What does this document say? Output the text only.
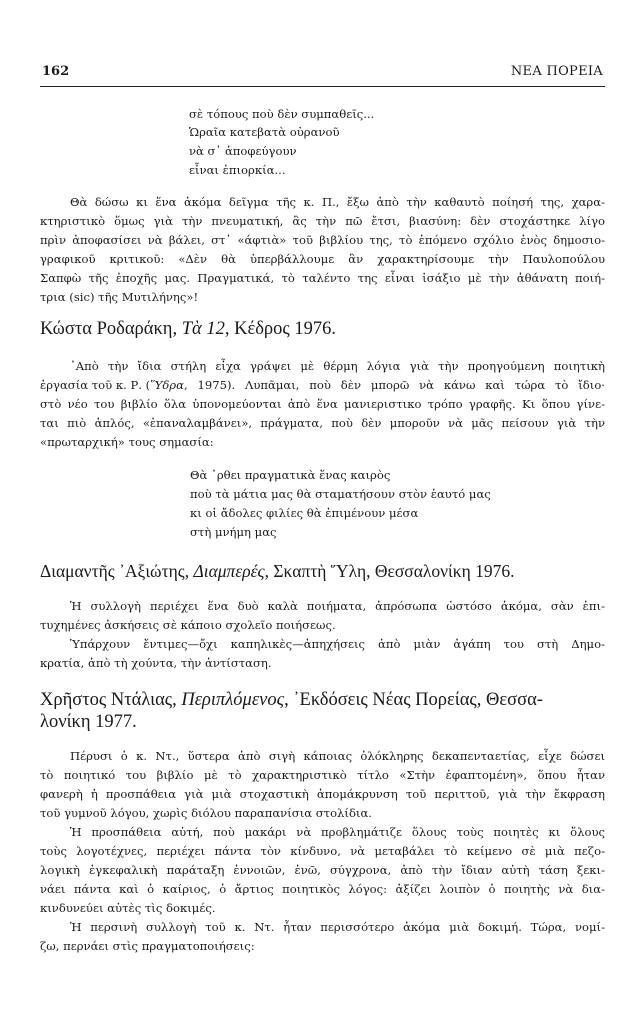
162	ΝΕΑ ΠΟΡΕΙΑ
σὲ τόπους ποὺ δὲν συμπαθεῖς...
Ὡραῖα κατεβατὰ οὐρανοῦ
νὰ σ᾽ ἀποφεύγουν
εἶναι ἐπιορκία...
Θὰ δώσω κι ἕνα ἀκόμα δεῖγμα τῆς κ. Π., ἔξω ἀπὸ τὴν καθαυτὸ ποίησή της, χαρα-
κτηριστικὸ ὅμως γιὰ τὴν πνευματική, ἂς τὴν πῶ ἔτσι, βιασύνη: δὲν στοχάστηκε λίγο
πρὶν ἀποφασίσει νὰ βάλει, στ᾽ «άφτιὰ» τοῦ βιβλίου της, τὸ ἑπόμενο σχόλιο ἑνὸς δημοσιο-
γραφικοῦ κριτικοῦ: «Δὲν θὰ ὑπερβάλλουμε ἂν χαρακτηρίσουμε τὴν Παυλοπούλου
Σαπφὼ τῆς ἐποχῆς μας. Πραγματικά, τὸ ταλέντο της εἶναι ἰσάξιο μὲ τὴν ἀθάνατη ποιή-
τρια (sic) τῆς Μυτιλήνης»!
Κώστα Ροδαράκη, Τὰ 12, Κέδρος 1976.
᾽Απὸ τὴν ἴδια στήλη εἶχα γράψει μὲ θέρμη λόγια γιὰ τὴν προηγούμενη ποιητικὴ
ἐργασία τοῦ κ. Ρ. ( Ὕδρα , 1975). Λυπᾶμαι, ποὺ δὲν μπορῶ νὰ κάνω καὶ τώρα τὸ ἴδιο·
στὸ νέο του βιβλίο ὅλα ὑπονομεύονται ἀπὸ ἕνα μανιεριστικο τρόπο γραφῆς. Κι ὅπου γίνε-
ται πιὸ ἁπλός, «ἐπαναλαμβάνει», πράγματα, ποὺ δὲν μποροῦν νὰ μᾶς πείσουν γιὰ τὴν
«πρωταρχική» τους σημασία:
Θὰ ᾽ρθει πραγματικὰ ἕνας καιρὸς
ποὺ τὰ μάτια μας θὰ σταματήσουν στὸν ἑαυτό μας
κι οἱ ἄδολες φιλίες θὰ ἐπιμένουν μέσα
στὴ μνήμη μας
Διαμαντῆς ᾽Αξιώτης, Διαμπερές, Σκαπτὴ Ὕλη, Θεσσαλονίκη 1976.
Ἡ συλλογὴ περιέχει ἕνα δυὸ καλὰ ποιήματα, ἀπρόσωπα ὡστόσο ἀκόμα, σὰν ἐπι-
τυχημένες ἀσκήσεις σὲ κάποιο σχολεῖο ποιήσεως.
Ὑπάρχουν ἔντιμες—ὄχι καπηλικὲς—ἀπηχήσεις ἀπὸ μιὰν ἀγάπη του στὴ Δημο-
κρατία, ἀπὸ τὴ χούντα, τὴν ἀντίσταση.
Χρῆστος Ντάλιας, Περιπλόμενος, ᾽Εκδόσεις Νέας Πορείας, Θεσσα-
λονίκη 1977.
Πέρυσι ὁ κ. Ντ., ὕστερα ἀπὸ σιγὴ κάποιας ὁλόκληρης δεκαπενταετίας, εἶχε δώσει
τὸ ποιητικό του βιβλίο μὲ τὸ χαρακτηριστικὸ τίτλο «Στὴν ἐφαπτομένη», ὅπου ἦταν
φανερὴ ἡ προσπάθεια γιὰ μιὰ στοχαστικὴ ἀπομάκρυνση τοῦ περιττοῦ, γιὰ τὴν ἔκφραση
τοῦ γυμνοῦ λόγου, χωρὶς διόλου παραπανίσια στολίδια.
Ἡ προσπάθεια αὐτή, ποὺ μακάρι νὰ προβλημάτιζε ὅλους τοὺς ποιητὲς κι ὅλους
τοὺς λογοτέχνες, περιέχει πάντα τὸν κίνδυνο, νὰ μεταβάλει τὸ κείμενο σὲ μιὰ πεζο-
λογικὴ ἐγκεφαλικὴ παράταξη ἐννοιῶν, ἐνῶ, σύγχρονα, ἀπὸ τὴν ἴδιαν αὐτὴ τάση ξεκι-
νάει πάντα καὶ ὁ καίριος, ὁ ἄρτιος ποιητικὸς λόγος: ἀξίζει λοιπὸν ὁ ποιητὴς νὰ δια-
κινδυνεύει αὐτὲς τὶς δοκιμές.
Ἡ περσινὴ συλλογὴ τοῦ κ. Ντ. ἦταν περισσότερο ἀκόμα μιὰ δοκιμή. Τώρα, νομί-
ζω, περνάει στὶς πραγματοποιήσεις:
